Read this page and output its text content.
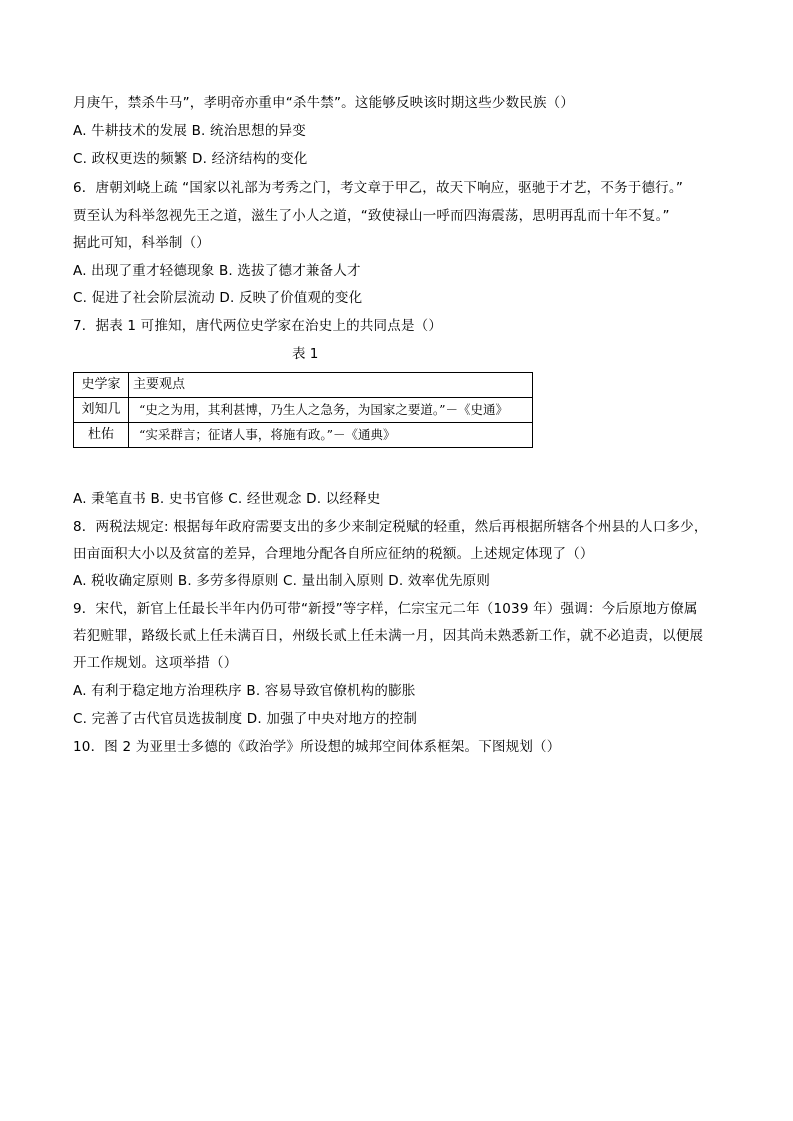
月庚午，禁杀牛马”，孝明帝亦重申“杀牛禁”。这能够反映该时期这些少数民族（）
A. 牛耕技术的发展 B. 统治思想的异变
C. 政权更迭的频繁 D. 经济结构的变化
6．唐朝刘峣上疏 “国家以礼部为考秀之门，考文章于甲乙，故天下响应，驱驰于才艺，不务于德行。”
贾至认为科举忽视先王之道，滋生了小人之道，“致使禄山一呼而四海震荡，思明再乱而十年不复。”
据此可知，科举制（）
A. 出现了重才轻德现象 B. 选拔了德才兼备人才
C. 促进了社会阶层流动 D. 反映了价值观的变化
7．据表 1 可推知，唐代两位史学家在治史上的共同点是（）
表 1
史学家	主要观点
刘知几	“史之为用，其利甚博，乃生人之急务，为国家之要道。”－《史通》
杜佑	“实采群言；征诸人事，将施有政。”－《通典》
A. 秉笔直书 B. 史书官修 C. 经世观念 D. 以经释史
8．两税法规定: 根据每年政府需要支出的多少来制定税赋的轻重，然后再根据所辖各个州县的人口多少，
田亩面积大小以及贫富的差异，合理地分配各自所应征纳的税额。上述规定体现了（）
A. 税收确定原则 B. 多劳多得原则 C. 量出制入原则 D. 效率优先原则
9．宋代，新官上任最长半年内仍可带“新授”等字样，仁宗宝元二年（1039 年）强调：今后原地方僚属
若犯赃罪，路级长贰上任未满百日，州级长贰上任未满一月，因其尚未熟悉新工作，就不必追责，以便展
开工作规划。这项举措（）
A. 有利于稳定地方治理秩序 B. 容易导致官僚机构的膨胀
C. 完善了古代官员选拔制度 D. 加强了中央对地方的控制
10．图 2 为亚里士多德的《政治学》所设想的城邦空间体系框架。下图规划（）
